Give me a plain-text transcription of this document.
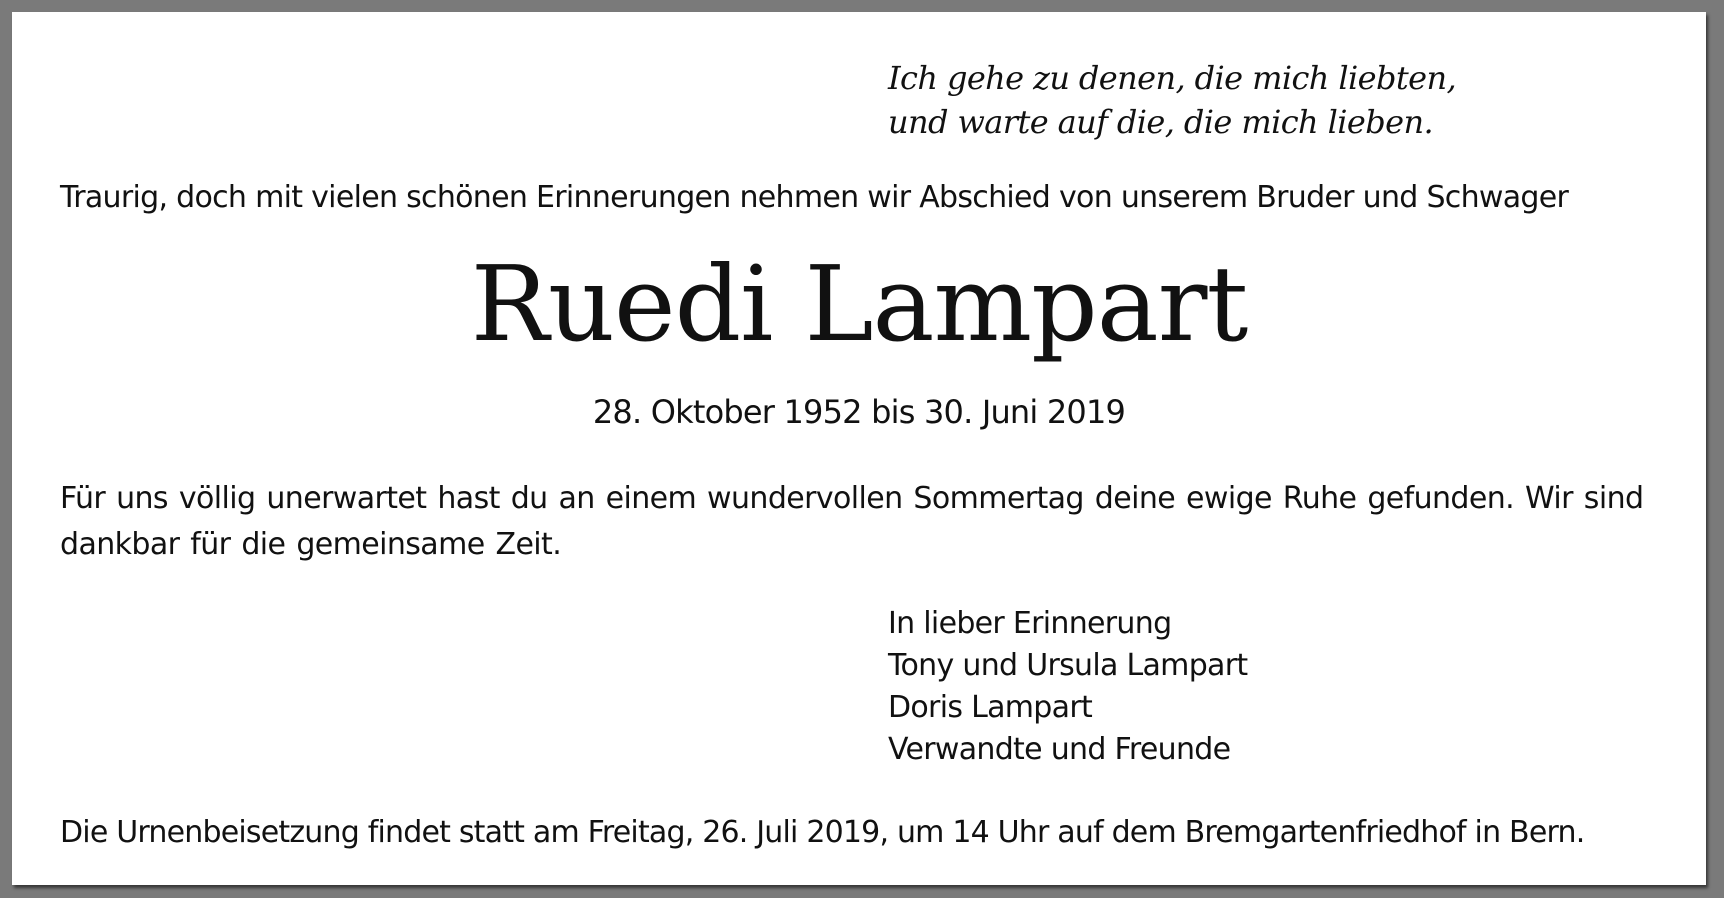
Ich gehe zu denen, die mich liebten,
und warte auf die, die mich lieben.
Traurig, doch mit vielen schönen Erinnerungen nehmen wir Abschied von unserem Bruder und Schwager
Ruedi Lampart
28. Oktober 1952 bis 30. Juni 2019
Für uns völlig unerwartet hast du an einem wundervollen Sommertag deine ewige Ruhe gefunden. Wir sind dankbar für die gemeinsame Zeit.
In lieber Erinnerung
Tony und Ursula Lampart
Doris Lampart
Verwandte und Freunde
Die Urnenbeisetzung findet statt am Freitag, 26. Juli 2019, um 14 Uhr auf dem Bremgartenfriedhof in Bern.
